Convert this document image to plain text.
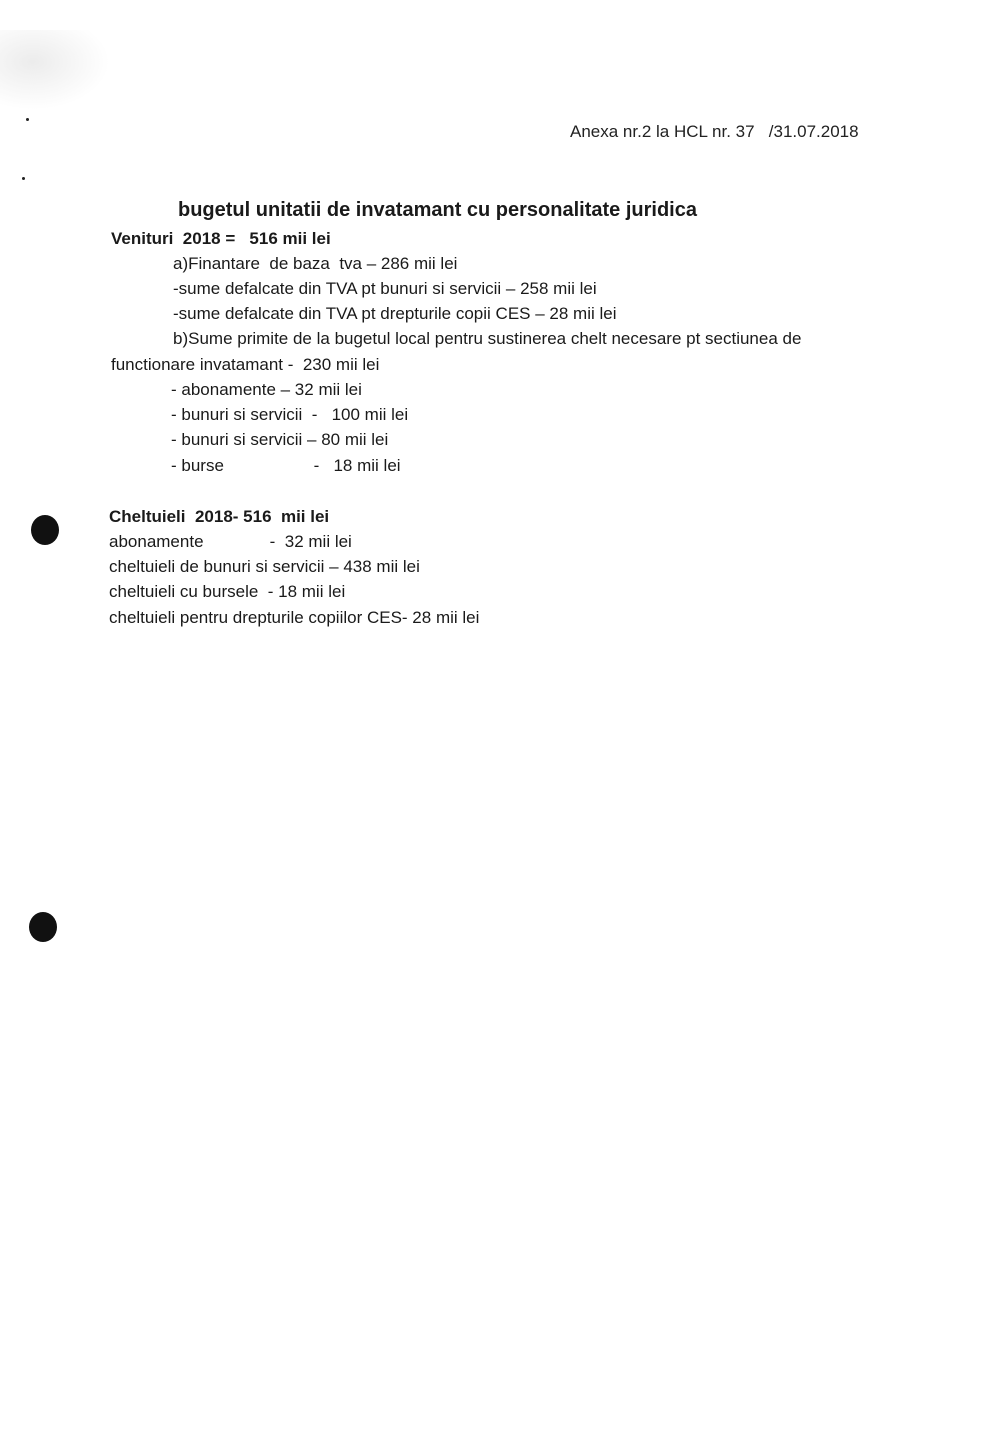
Anexa nr.2 la HCL nr. 37   /31.07.2018
bugetul unitatii de invatamant cu personalitate juridica
Venituri  2018 =   516 mii lei
a)Finantare  de baza  tva – 286 mii lei
-sume defalcate din TVA pt bunuri si servicii – 258 mii lei
-sume defalcate din TVA pt drepturile copii CES – 28 mii lei
b)Sume primite de la bugetul local pentru sustinerea chelt necesare pt sectiunea de
functionare invatamant -  230 mii lei
- abonamente – 32 mii lei
- bunuri si servicii  -   100 mii lei
- bunuri si servicii – 80 mii lei
- burse                   -   18 mii lei
Cheltuieli  2018- 516  mii lei
abonamente              -  32 mii lei
cheltuieli de bunuri si servicii – 438 mii lei
cheltuieli cu bursele  - 18 mii lei
cheltuieli pentru drepturile copiilor CES- 28 mii lei
